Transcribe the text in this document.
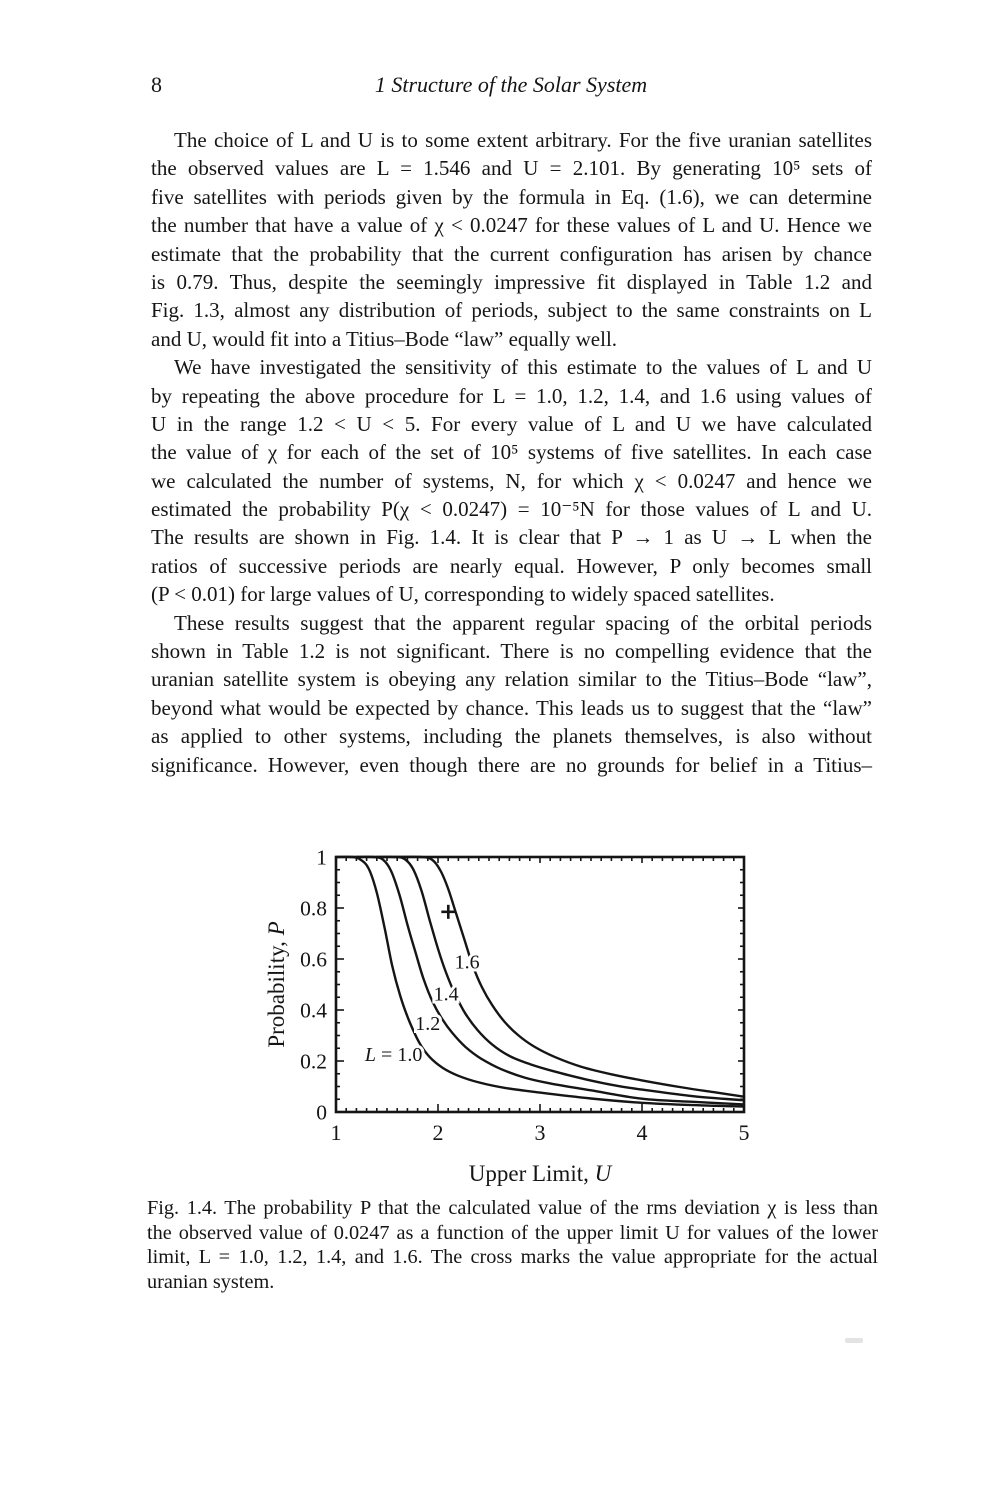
8	1 Structure of the Solar System
The choice of L and U is to some extent arbitrary. For the five uranian satellites
the observed values are L = 1.546 and U = 2.101. By generating 10⁵ sets of
five satellites with periods given by the formula in Eq. (1.6), we can determine
the number that have a value of χ < 0.0247 for these values of L and U. Hence we
estimate that the probability that the current configuration has arisen by chance
is 0.79. Thus, despite the seemingly impressive fit displayed in Table 1.2 and
Fig. 1.3, almost any distribution of periods, subject to the same constraints on L
and U, would fit into a Titius–Bode “law” equally well.
We have investigated the sensitivity of this estimate to the values of L and U
by repeating the above procedure for L = 1.0, 1.2, 1.4, and 1.6 using values of
U in the range 1.2 < U < 5. For every value of L and U we have calculated
the value of χ for each of the set of 10⁵ systems of five satellites. In each case
we calculated the number of systems, N, for which χ < 0.0247 and hence we
estimated the probability P(χ < 0.0247) = 10⁻⁵N for those values of L and U.
The results are shown in Fig. 1.4. It is clear that P → 1 as U → L when the
ratios of successive periods are nearly equal. However, P only becomes small
(P < 0.01) for large values of U, corresponding to widely spaced satellites.
These results suggest that the apparent regular spacing of the orbital periods
shown in Table 1.2 is not significant. There is no compelling evidence that the
uranian satellite system is obeying any relation similar to the Titius–Bode “law”,
beyond what would be expected by chance. This leads us to suggest that the “law”
as applied to other systems, including the planets themselves, is also without
significance. However, even though there are no grounds for belief in a Titius–
1	2	3	4	5
0
0.2
0.4
0.6
0.8
1
L = 1.0
1.2
1.4
1.6
Upper Limit, U
Probability, P
Fig. 1.4. The probability P that the calculated value of the rms deviation χ is less than
the observed value of 0.0247 as a function of the upper limit U for values of the lower
limit, L = 1.0, 1.2, 1.4, and 1.6. The cross marks the value appropriate for the actual
uranian system.
